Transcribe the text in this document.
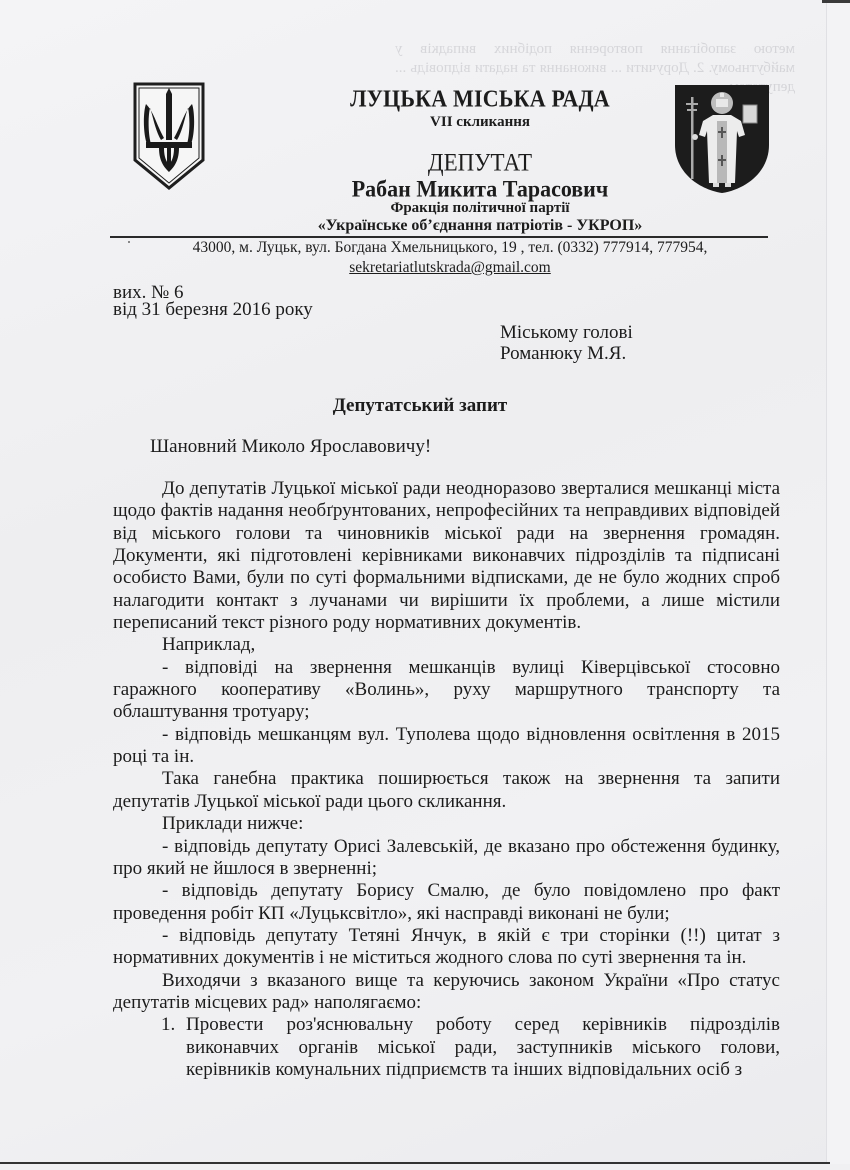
ЛУЦЬКА МІСЬКА РАДА
VII скликання
ДЕПУТАТ
Рабан Микита Тарасович
Фракція політичної партії
«Українське об’єднання патріотів - УКРОП»
43000, м. Луцьк, вул. Богдана Хмельницького, 19 , тел. (0332) 777914, 777954,
sekretariatlutskrada@gmail.com
вих. № 6
від 31 березня 2016 року
Міському голові
Романюку М.Я.
Депутатський запит
Шановний Миколо Ярославовичу!

До депутатів Луцької міської ради неодноразово зверталися мешканці міста щодо фактів надання необґрунтованих, непрофесійних та неправдивих відповідей від міського голови та чиновників міської ради на звернення громадян. Документи, які підготовлені керівниками виконавчих підрозділів та підписані особисто Вами, були по суті формальними відписками, де не було жодних спроб налагодити контакт з лучанами чи вирішити їх проблеми, а лише містили переписаний текст різного роду нормативних документів.

Наприклад,

- відповіді на звернення мешканців вулиці Ківерцівської стосовно гаражного кооперативу «Волинь», руху маршрутного транспорту та облаштування тротуару;

- відповідь мешканцям вул. Туполева щодо відновлення освітлення в 2015 році та ін.

Така ганебна практика поширюється також на звернення та запити депутатів Луцької міської ради цього скликання.

Приклади нижче:

- відповідь депутату Орисі Залевській, де вказано про обстеження будинку, про який не йшлося в зверненні;

- відповідь депутату Борису Смалю, де було повідомлено про факт проведення робіт КП «Луцьксвітло», які насправді виконані не були;

- відповідь депутату Тетяні Янчук, в якій є три сторінки (!!) цитат з нормативних документів і не міститься жодного слова по суті звернення та ін.

Виходячи з вказаного вище та керуючись законом України «Про статус депутатів місцевих рад» наполягаємо:

1. Провести роз'яснювальну роботу серед керівників підрозділів виконавчих органів міської ради, заступників міського голови, керівників комунальних підприємств та інших відповідальних осіб з
